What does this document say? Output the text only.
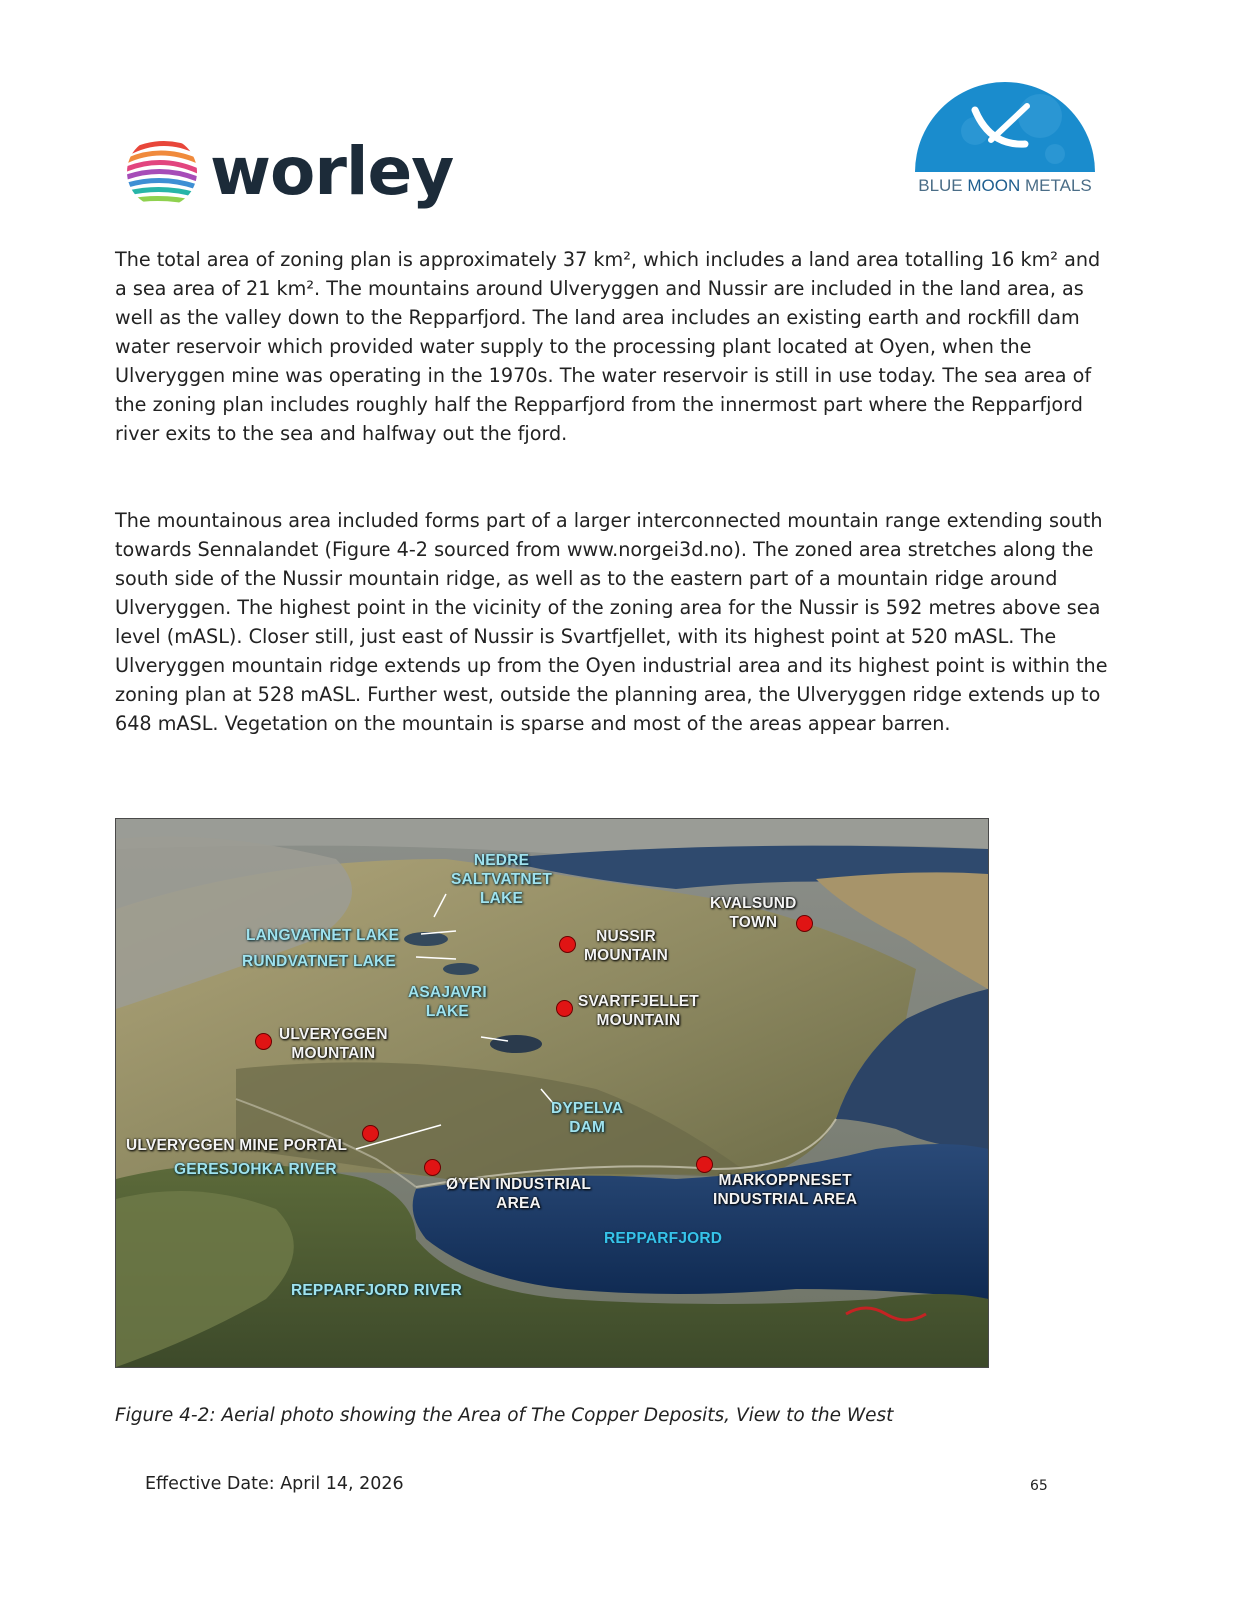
worley	BLUE MOON METALS

The total area of zoning plan is approximately 37 km², which includes a land area totalling 16 km² and a sea area of 21 km². The mountains around Ulveryggen and Nussir are included in the land area, as well as the valley down to the Repparfjord. The land area includes an existing earth and rockfill dam water reservoir which provided water supply to the processing plant located at Oyen, when the Ulveryggen mine was operating in the 1970s. The water reservoir is still in use today. The sea area of the zoning plan includes roughly half the Repparfjord from the innermost part where the Repparfjord river exits to the sea and halfway out the fjord.

The mountainous area included forms part of a larger interconnected mountain range extending south towards Sennalandet (Figure 4-2 sourced from www.norgei3d.no). The zoned area stretches along the south side of the Nussir mountain ridge, as well as to the eastern part of a mountain ridge around Ulveryggen. The highest point in the vicinity of the zoning area for the Nussir is 592 metres above sea level (mASL). Closer still, just east of Nussir is Svartfjellet, with its highest point at 520 mASL. The Ulveryggen mountain ridge extends up from the Oyen industrial area and its highest point is within the zoning plan at 528 mASL. Further west, outside the planning area, the Ulveryggen ridge extends up to 648 mASL. Vegetation on the mountain is sparse and most of the areas appear barren.

NEDRE
SALTVATNET
LAKE
LANGVATNET LAKE
RUNDVATNET LAKE
ASAJAVRI
LAKE
KVALSUND
TOWN
NUSSIR
MOUNTAIN
SVARTFJELLET
MOUNTAIN
ULVERYGGEN
MOUNTAIN
DYPELVA
DAM
ULVERYGGEN MINE PORTAL
GERESJOHKA RIVER
ØYEN INDUSTRIAL
AREA
MARKOPPNESET
INDUSTRIAL AREA
REPPARFJORD
REPPARFJORD RIVER
Figure 4-2: Aerial photo showing the Area of The Copper Deposits, View to the West
Effective Date: April 14, 2026	65
